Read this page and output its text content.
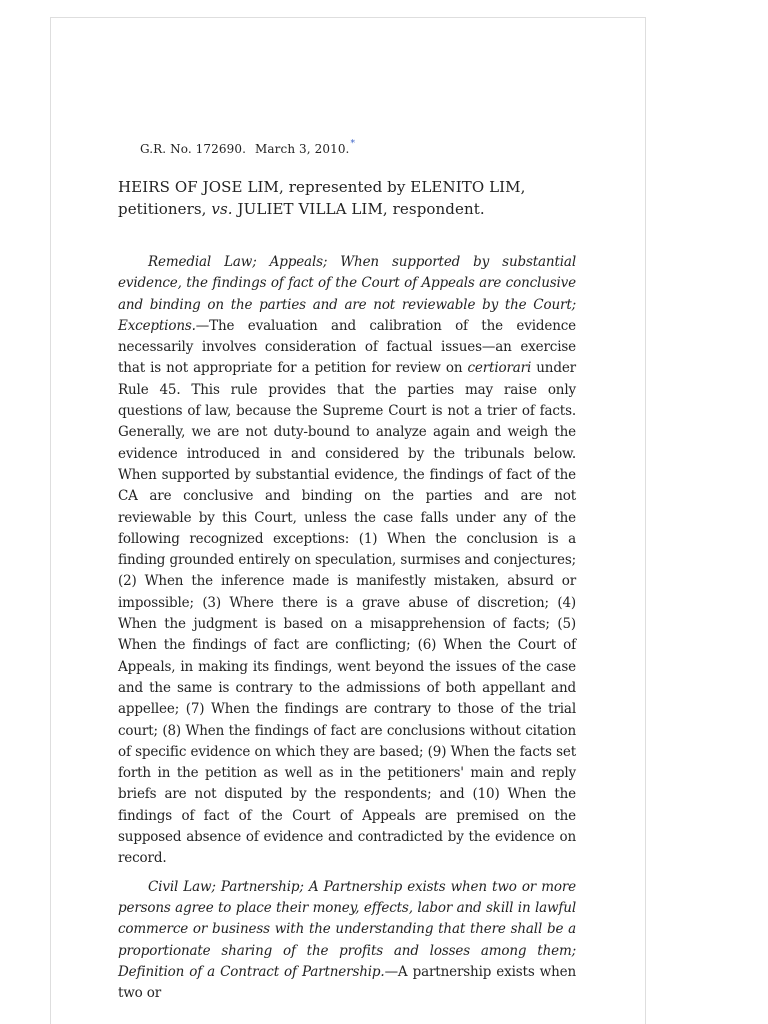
G.R. No. 172690. March 3, 2010.*
HEIRS OF JOSE LIM, represented by ELENITO LIM,
petitioners, vs. JULIET VILLA LIM, respondent.

Remedial Law; Appeals; When supported by substantial evidence, the findings of fact of the Court of Appeals are conclusive and binding on the parties and are not reviewable by the Court; Exceptions.—The evaluation and calibration of the evidence necessarily involves consideration of factual issues—an exercise that is not appropriate for a petition for review on certiorari under Rule 45. This rule provides that the parties may raise only questions of law, because the Supreme Court is not a trier of facts. Generally, we are not duty-bound to analyze again and weigh the evidence introduced in and considered by the tribunals below. When supported by substantial evidence, the findings of fact of the CA are conclusive and binding on the parties and are not reviewable by this Court, unless the case falls under any of the following recognized exceptions: (1) When the conclusion is a finding grounded entirely on speculation, surmises and conjectures; (2) When the inference made is manifestly mistaken, absurd or impossible; (3) Where there is a grave abuse of discretion; (4) When the judgment is based on a misapprehension of facts; (5) When the findings of fact are conflicting; (6) When the Court of Appeals, in making its findings, went beyond the issues of the case and the same is contrary to the admissions of both appellant and appellee; (7) When the findings are contrary to those of the trial court; (8) When the findings of fact are conclusions without citation of specific evidence on which they are based; (9) When the facts set forth in the petition as well as in the petitioners' main and reply briefs are not disputed by the respondents; and (10) When the findings of fact of the Court of Appeals are premised on the supposed absence of evidence and contradicted by the evidence on record.

Civil Law; Partnership; A Partnership exists when two or more persons agree to place their money, effects, labor and skill in lawful commerce or business with the understanding that there shall be a proportionate sharing of the profits and losses among them; Definition of a Contract of Partnership.—A partnership exists when two or
